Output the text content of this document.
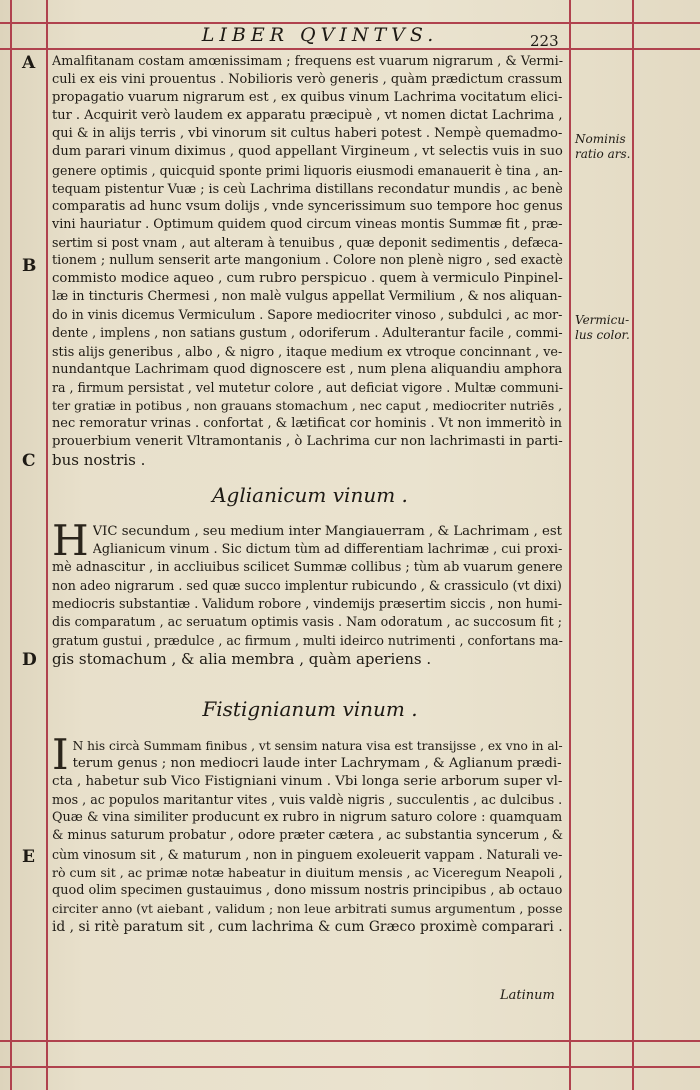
LIBER QVINTVS.	223
A
B
C
D
E
Nominis
ratio ars.
Vermicu-
lus color.
Amalfitanam costam amœnissimam ; frequens est vuarum nigrarum , & Vermi-
culi ex eis vini prouentus . Nobilioris verò generis , quàm prædictum crassum
propagatio vuarum nigrarum est , ex quibus vinum Lachrima vocitatum elici-
tur . Acquirit verò laudem ex apparatu præcipuè , vt nomen dictat Lachrima ,
qui & in alijs terris , vbi vinorum sit cultus haberi potest . Nempè quemadmo-
dum parari vinum diximus , quod appellant Virgineum , vt selectis vuis in suo
genere optimis , quicquid sponte primi liquoris eiusmodi emanauerit è tina , an-
tequam pistentur Vuæ ; is ceù Lachrima distillans recondatur mundis , ac benè
comparatis ad hunc vsum dolijs , vnde syncerissimum suo tempore hoc genus
vini hauriatur . Optimum quidem quod circum vineas montis Summæ fit , præ-
sertim si post vnam , aut alteram à tenuibus , quæ deponit sedimentis , defæca-
tionem ; nullum senserit arte mangonium . Colore non plenè nigro , sed exactè
commisto modice aqueo , cum rubro perspicuo . quem à vermiculo Pinpinel-
læ in tincturis Chermesi , non malè vulgus appellat Vermilium , & nos aliquan-
do in vinis dicemus Vermiculum . Sapore mediocriter vinoso , subdulci , ac mor-
dente , implens , non satians gustum , odoriferum . Adulterantur facile , commi-
stis alijs generibus , albo , & nigro , itaque medium ex vtroque concinnant , ve-
nundantque Lachrimam quod dignoscere est , num plena aliquandiu amphora
ra , firmum persistat , vel mutetur colore , aut deficiat vigore . Multæ communi-
ter gratiæ in potibus , non grauans stomachum , nec caput , mediocriter nutriēs ,
nec remoratur vrinas . confortat , & lætificat cor hominis . Vt non immeritò in
prouerbium venerit Vltramontanis , ò Lachrima cur non lachrimasti in parti-
bus nostris .
Aglianicum vinum .
H VIC secundum , seu medium inter Mangiauerram , & Lachrimam , est
Aglianicum vinum . Sic dictum tùm ad differentiam lachrimæ , cui proxi-
mè adnascitur , in accliuibus scilicet Summæ collibus ; tùm ab vuarum genere
non adeo nigrarum . sed quæ succo implentur rubicundo , & crassiculo (vt dixi)
mediocris substantiæ . Validum robore , vindemijs præsertim siccis , non humi-
dis comparatum , ac seruatum optimis vasis . Nam odoratum , ac succosum fit ;
gratum gustui , prædulce , ac firmum , multi ideirco nutrimenti , confortans ma-
gis stomachum , & alia membra , quàm aperiens .
Fistignianum vinum .
I N his circà Summam finibus , vt sensim natura visa est transijsse , ex vno in al-
terum genus ; non mediocri laude inter Lachrymam , & Aglianum prædi-
cta , habetur sub Vico Fistigniani vinum . Vbi longa serie arborum super vl-
mos , ac populos maritantur vites , vuis valdè nigris , succulentis , ac dulcibus .
Quæ & vina similiter producunt ex rubro in nigrum saturo colore : quamquam
& minus saturum probatur , odore præter cætera , ac substantia syncerum , &
cùm vinosum sit , & maturum , non in pinguem exoleuerit vappam . Naturali ve-
rò cum sit , ac primæ notæ habeatur in diuitum mensis , ac Viceregum Neapoli ,
quod olim specimen gustauimus , dono missum nostris principibus , ab octauo
circiter anno (vt aiebant , validum ; non leue arbitrati sumus argumentum , posse
id , si ritè paratum sit , cum lachrima & cum Græco proximè comparari .
Latinum
